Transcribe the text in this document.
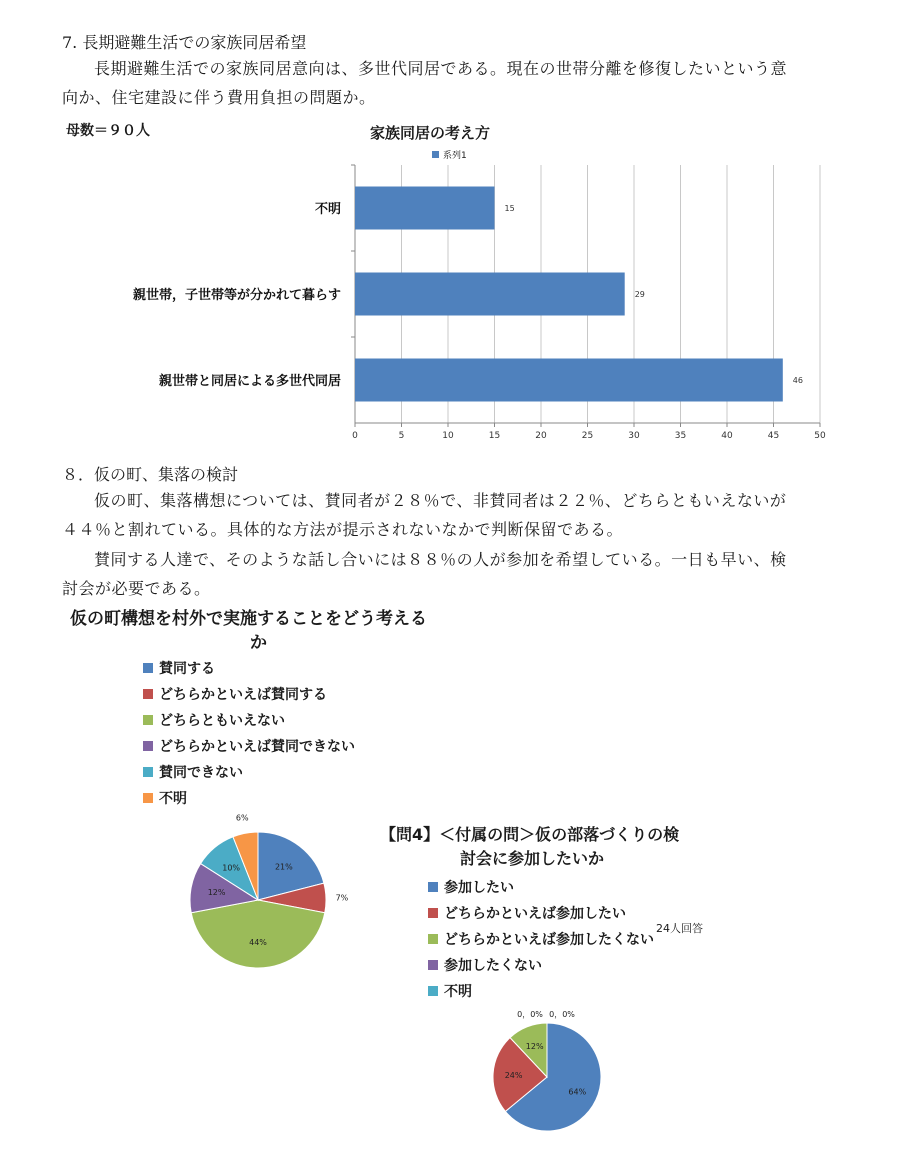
7. 長期避難生活での家族同居希望
長期避難生活での家族同居意向は、多世代同居である。現在の世帯分離を修復したいという意
向か、住宅建設に伴う費用負担の問題か。
母数＝９０人	家族同居の考え方
系列1
0	5	10	15	20	25	30	35	40	45	50
15
不明
29
親世帯，子世帯等が分かれて暮らす
46
親世帯と同居による多世代同居
８．仮の町、集落の検討
仮の町、集落構想については、賛同者が２８％で、非賛同者は２２％、どちらともいえないが
４４％と割れている。具体的な方法が提示されないなかで判断保留である。
賛同する人達で、そのような話し合いには８８％の人が参加を希望している。一日も早い、検
討会が必要である。
仮の町構想を村外で実施することをどう考える
か
賛同する
どちらかといえば賛同する
どちらともいえない
どちらかといえば賛同できない
賛同できない
不明
【問4】＜付属の問＞仮の部落づくりの検
討会に参加したいか
参加したい
どちらかといえば参加したい
どちらかといえば参加したくない
参加したくない
不明
24人回答
21%
7%
44%
12%
10%
6%
64%
24%
12%
0，0% 0，0%
